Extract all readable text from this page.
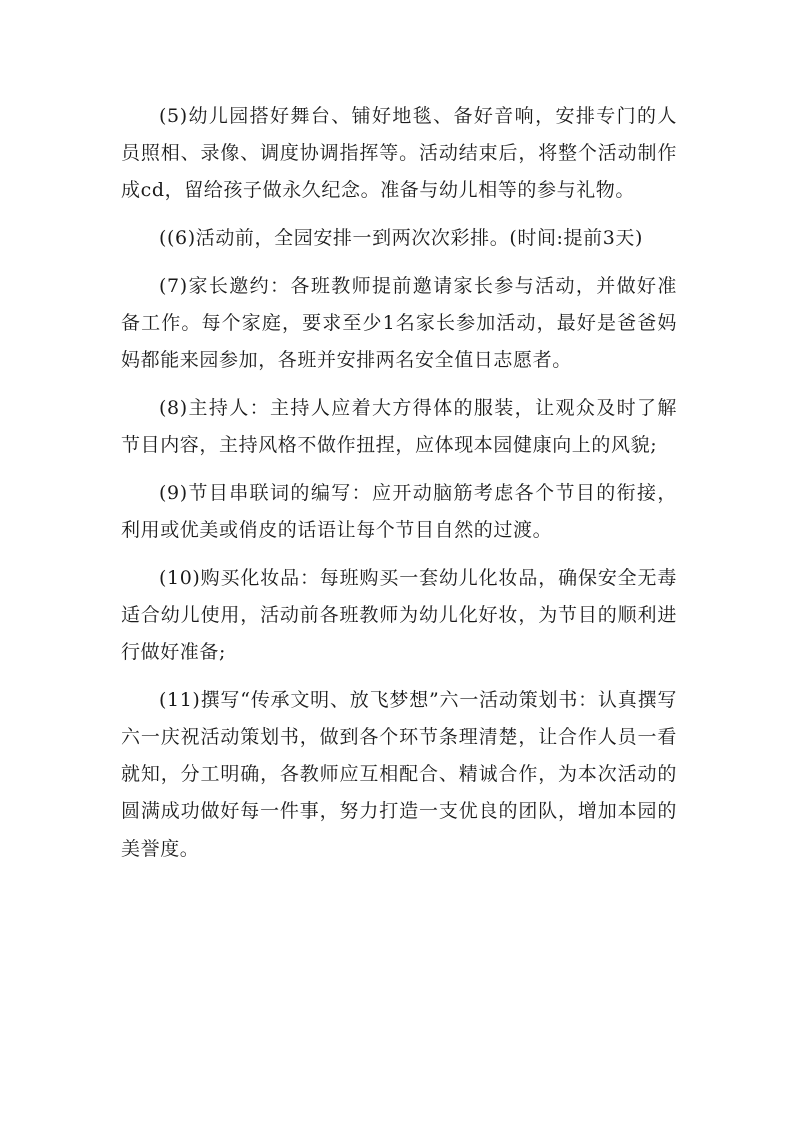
(5)幼儿园搭好舞台、铺好地毯、备好音响，安排专门的人员照相、录像、调度协调指挥等。活动结束后，将整个活动制作成cd，留给孩子做永久纪念。准备与幼儿相等的参与礼物。

((6)活动前，全园安排一到两次次彩排。(时间:提前3天)

(7)家长邀约：各班教师提前邀请家长参与活动，并做好准备工作。每个家庭，要求至少1名家长参加活动，最好是爸爸妈妈都能来园参加，各班并安排两名安全值日志愿者。

(8)主持人：主持人应着大方得体的服装，让观众及时了解节目内容，主持风格不做作扭捏，应体现本园健康向上的风貌;

(9)节目串联词的编写：应开动脑筋考虑各个节目的衔接，利用或优美或俏皮的话语让每个节目自然的过渡。

(10)购买化妆品：每班购买一套幼儿化妆品，确保安全无毒适合幼儿使用，活动前各班教师为幼儿化好妆，为节目的顺利进行做好准备;

(11)撰写“传承文明、放飞梦想”六一活动策划书：认真撰写六一庆祝活动策划书，做到各个环节条理清楚，让合作人员一看就知，分工明确，各教师应互相配合、精诚合作，为本次活动的圆满成功做好每一件事，努力打造一支优良的团队，增加本园的美誉度。
